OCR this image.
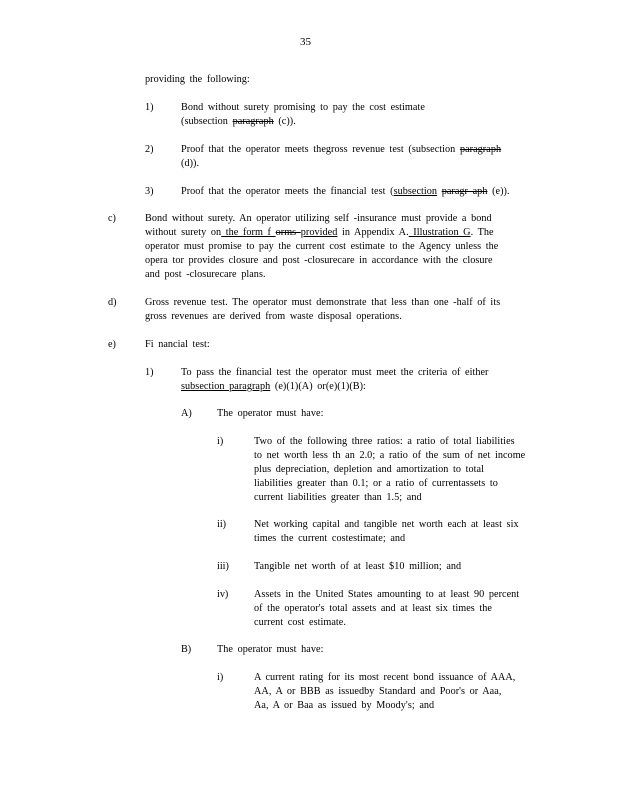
35
providing the following:
1)	Bond without surety promising to pay the cost estimate
(subsection paragraph (c)).
2)	Proof that the operator meets thegross revenue test (subsection paragraph
(d)).
3)	Proof that the operator meets the financial test (subsection paragr aph (e)).
c)	Bond without surety. An operator utilizing self -insurance must provide a bond
without surety on the form f orms provided in Appendix A. Illustration G. The
operator must promise to pay the current cost estimate to the Agency unless the
opera tor provides closure and post -closurecare in accordance with the closure
and post -closurecare plans.
d)	Gross revenue test. The operator must demonstrate that less than one -half of its
gross revenues are derived from waste disposal operations.
e)	Fi nancial test:
1)	To pass the financial test the operator must meet the criteria of either
subsection paragraph (e)(1)(A) or(e)(1)(B):
A) The operator must have:
i)	Two of the following three ratios: a ratio of total liabilities
to net worth less th an 2.0; a ratio of the sum of net income
plus depreciation, depletion and amortization to total
liabilities greater than 0.1; or a ratio of currentassets to
current liabilities greater than 1.5; and
ii)	Net working capital and tangible net worth each at least six
times the current costestimate; and
iii) Tangible net worth of at least $10 million; and
iv)	Assets in the United States amounting to at least 90 percent
of the operator's total assets and at least six times the
current cost estimate.
B)	The operator must have:
i)	A current rating for its most recent bond issuance of AAA,
AA, A or BBB as issuedby Standard and Poor's or Aaa,
Aa, A or Baa as issued by Moody's; and
